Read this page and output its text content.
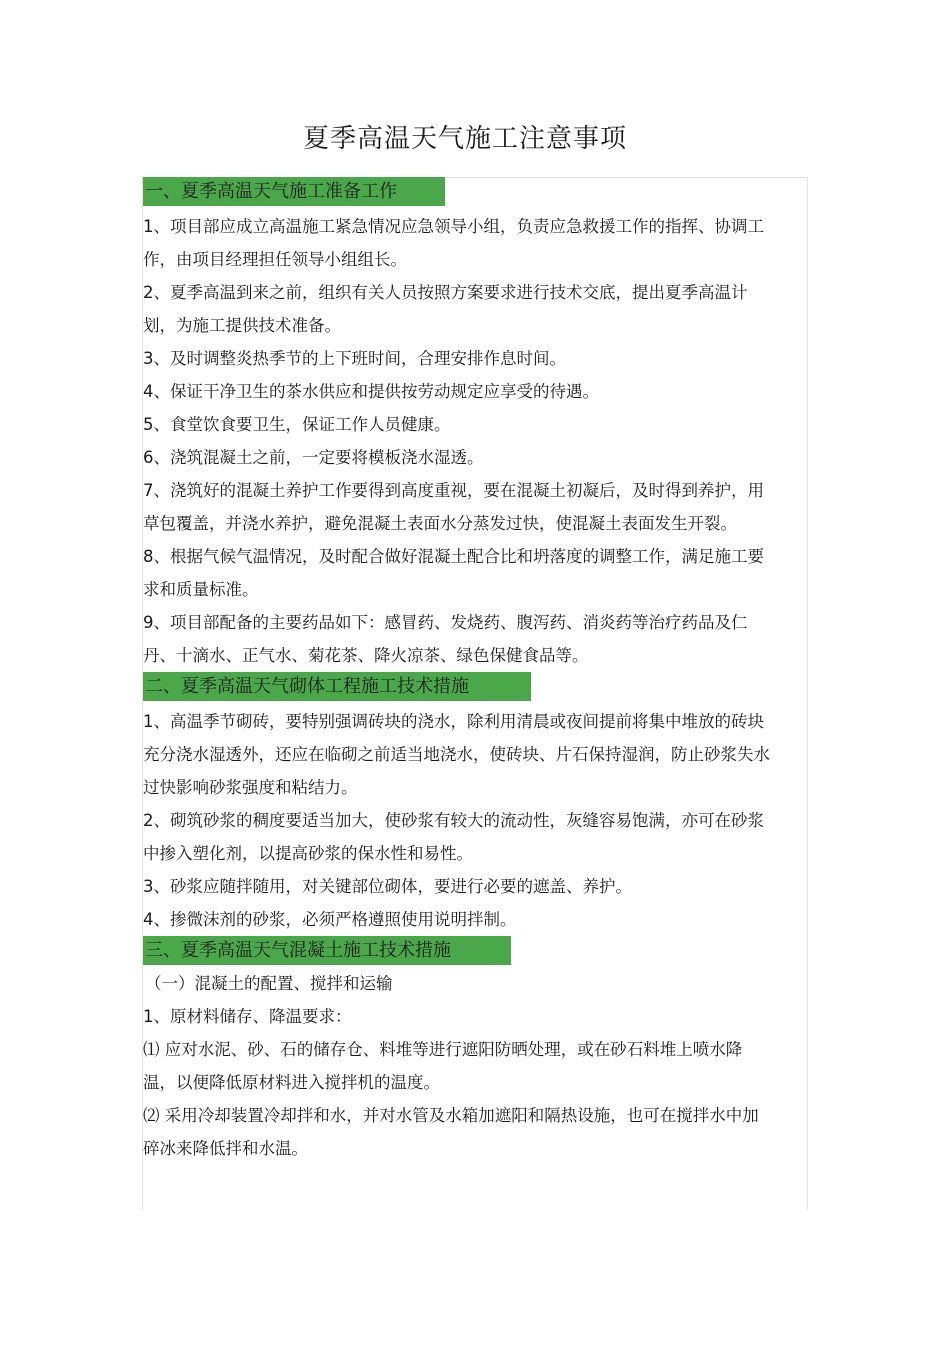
夏季高温天气施工注意事项
一、夏季高温天气施工准备工作

1、项目部应成立高温施工紧急情况应急领导小组，负责应急救援工作的指挥、协调工作，由项目经理担任领导小组组长。

2、夏季高温到来之前，组织有关人员按照方案要求进行技术交底，提出夏季高温计划，为施工提供技术准备。

3、及时调整炎热季节的上下班时间，合理安排作息时间。

4、保证干净卫生的茶水供应和提供按劳动规定应享受的待遇。

5、食堂饮食要卫生，保证工作人员健康。

6、浇筑混凝土之前，一定要将模板浇水湿透。

7、浇筑好的混凝土养护工作要得到高度重视，要在混凝土初凝后，及时得到养护，用草包覆盖，并浇水养护，避免混凝土表面水分蒸发过快，使混凝土表面发生开裂。

8、根据气候气温情况，及时配合做好混凝土配合比和坍落度的调整工作，满足施工要求和质量标准。

9、项目部配备的主要药品如下：感冒药、发烧药、腹泻药、消炎药等治疗药品及仁丹、十滴水、正气水、菊花茶、降火凉茶、绿色保健食品等。

二、夏季高温天气砌体工程施工技术措施

1、高温季节砌砖，要特别强调砖块的浇水，除利用清晨或夜间提前将集中堆放的砖块充分浇水湿透外，还应在临砌之前适当地浇水，使砖块、片石保持湿润，防止砂浆失水过快影响砂浆强度和粘结力。

2、砌筑砂浆的稠度要适当加大，使砂浆有较大的流动性，灰缝容易饱满，亦可在砂浆中掺入塑化剂，以提高砂浆的保水性和易性。

3、砂浆应随拌随用，对关键部位砌体，要进行必要的遮盖、养护。

4、掺微沫剂的砂浆，必须严格遵照使用说明拌制。

三、夏季高温天气混凝土施工技术措施

（一）混凝土的配置、搅拌和运输

1、原材料储存、降温要求：

⑴ 应对水泥、砂、石的储存仓、料堆等进行遮阳防晒处理，或在砂石料堆上喷水降温，以便降低原材料进入搅拌机的温度。

⑵ 采用冷却装置冷却拌和水，并对水管及水箱加遮阳和隔热设施，也可在搅拌水中加碎冰来降低拌和水温。
